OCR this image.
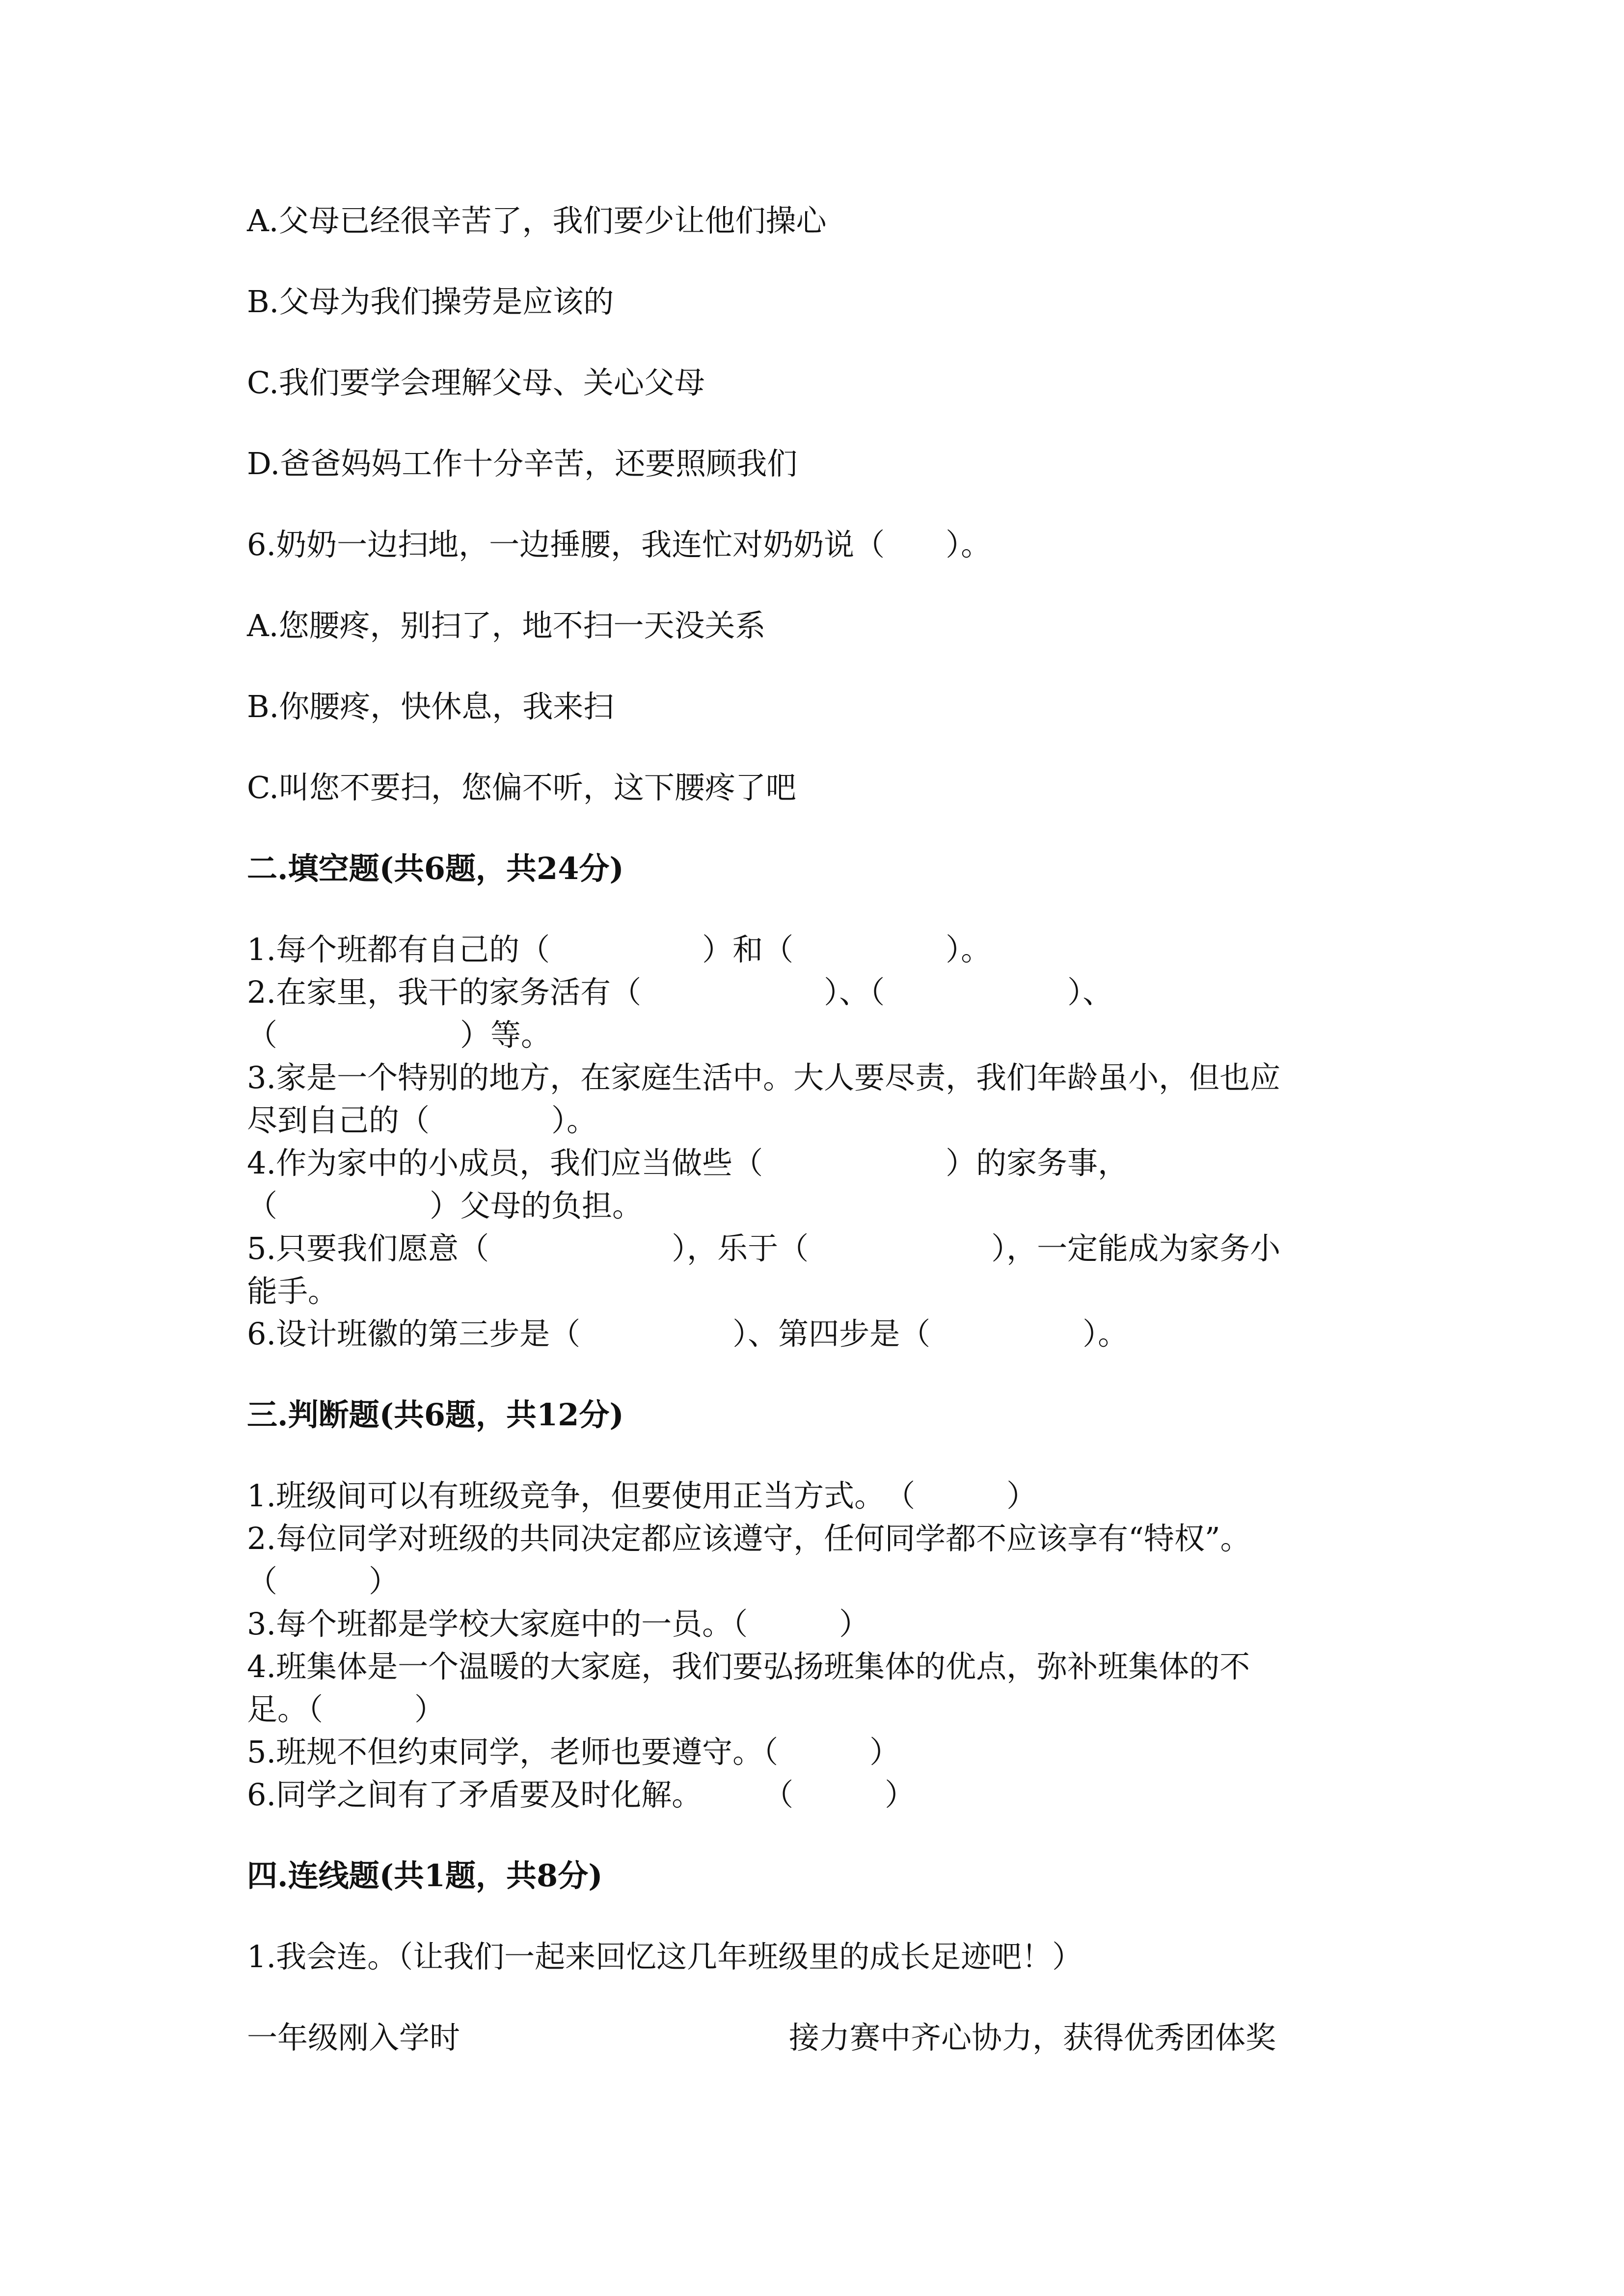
A.父母已经很辛苦了，我们要少让他们操心
B.父母为我们操劳是应该的
C.我们要学会理解父母、关心父母
D.爸爸妈妈工作十分辛苦，还要照顾我们
6.奶奶一边扫地，一边捶腰，我连忙对奶奶说（　　）。
A.您腰疼，别扫了，地不扫一天没关系
B.你腰疼，快休息，我来扫
C.叫您不要扫，您偏不听，这下腰疼了吧
二.填空题(共6题，共24分)
1.每个班都有自己的（　　　　　）和（　　　　　）。
2.在家里，我干的家务活有（　　　　　　）、（　　　　　　）、
（　　　　　　）等。
3.家是一个特别的地方，在家庭生活中。大人要尽责，我们年龄虽小，但也应
尽到自己的（　　　　）。
4.作为家中的小成员，我们应当做些（　　　　　　）的家务事，
（　　　　　）父母的负担。
5.只要我们愿意（　　　　　　），乐于（　　　　　　），一定能成为家务小
能手。
6.设计班徽的第三步是（　　　　　）、第四步是（　　　　　）。
三.判断题(共6题，共12分)
1.班级间可以有班级竞争，但要使用正当方式。　（　　　）
2.每位同学对班级的共同决定都应该遵守，任何同学都不应该享有“特权”。
（　　　）
3.每个班都是学校大家庭中的一员。（　　　）
4.班集体是一个温暖的大家庭，我们要弘扬班集体的优点，弥补班集体的不
足。（　　　）
5.班规不但约束同学，老师也要遵守。（　　　）
6.同学之间有了矛盾要及时化解。　　　（　　　）
四.连线题(共1题，共8分)
1.我会连。（让我们一起来回忆这几年班级里的成长足迹吧！）
一年级刚入学时	接力赛中齐心协力，获得优秀团体奖
